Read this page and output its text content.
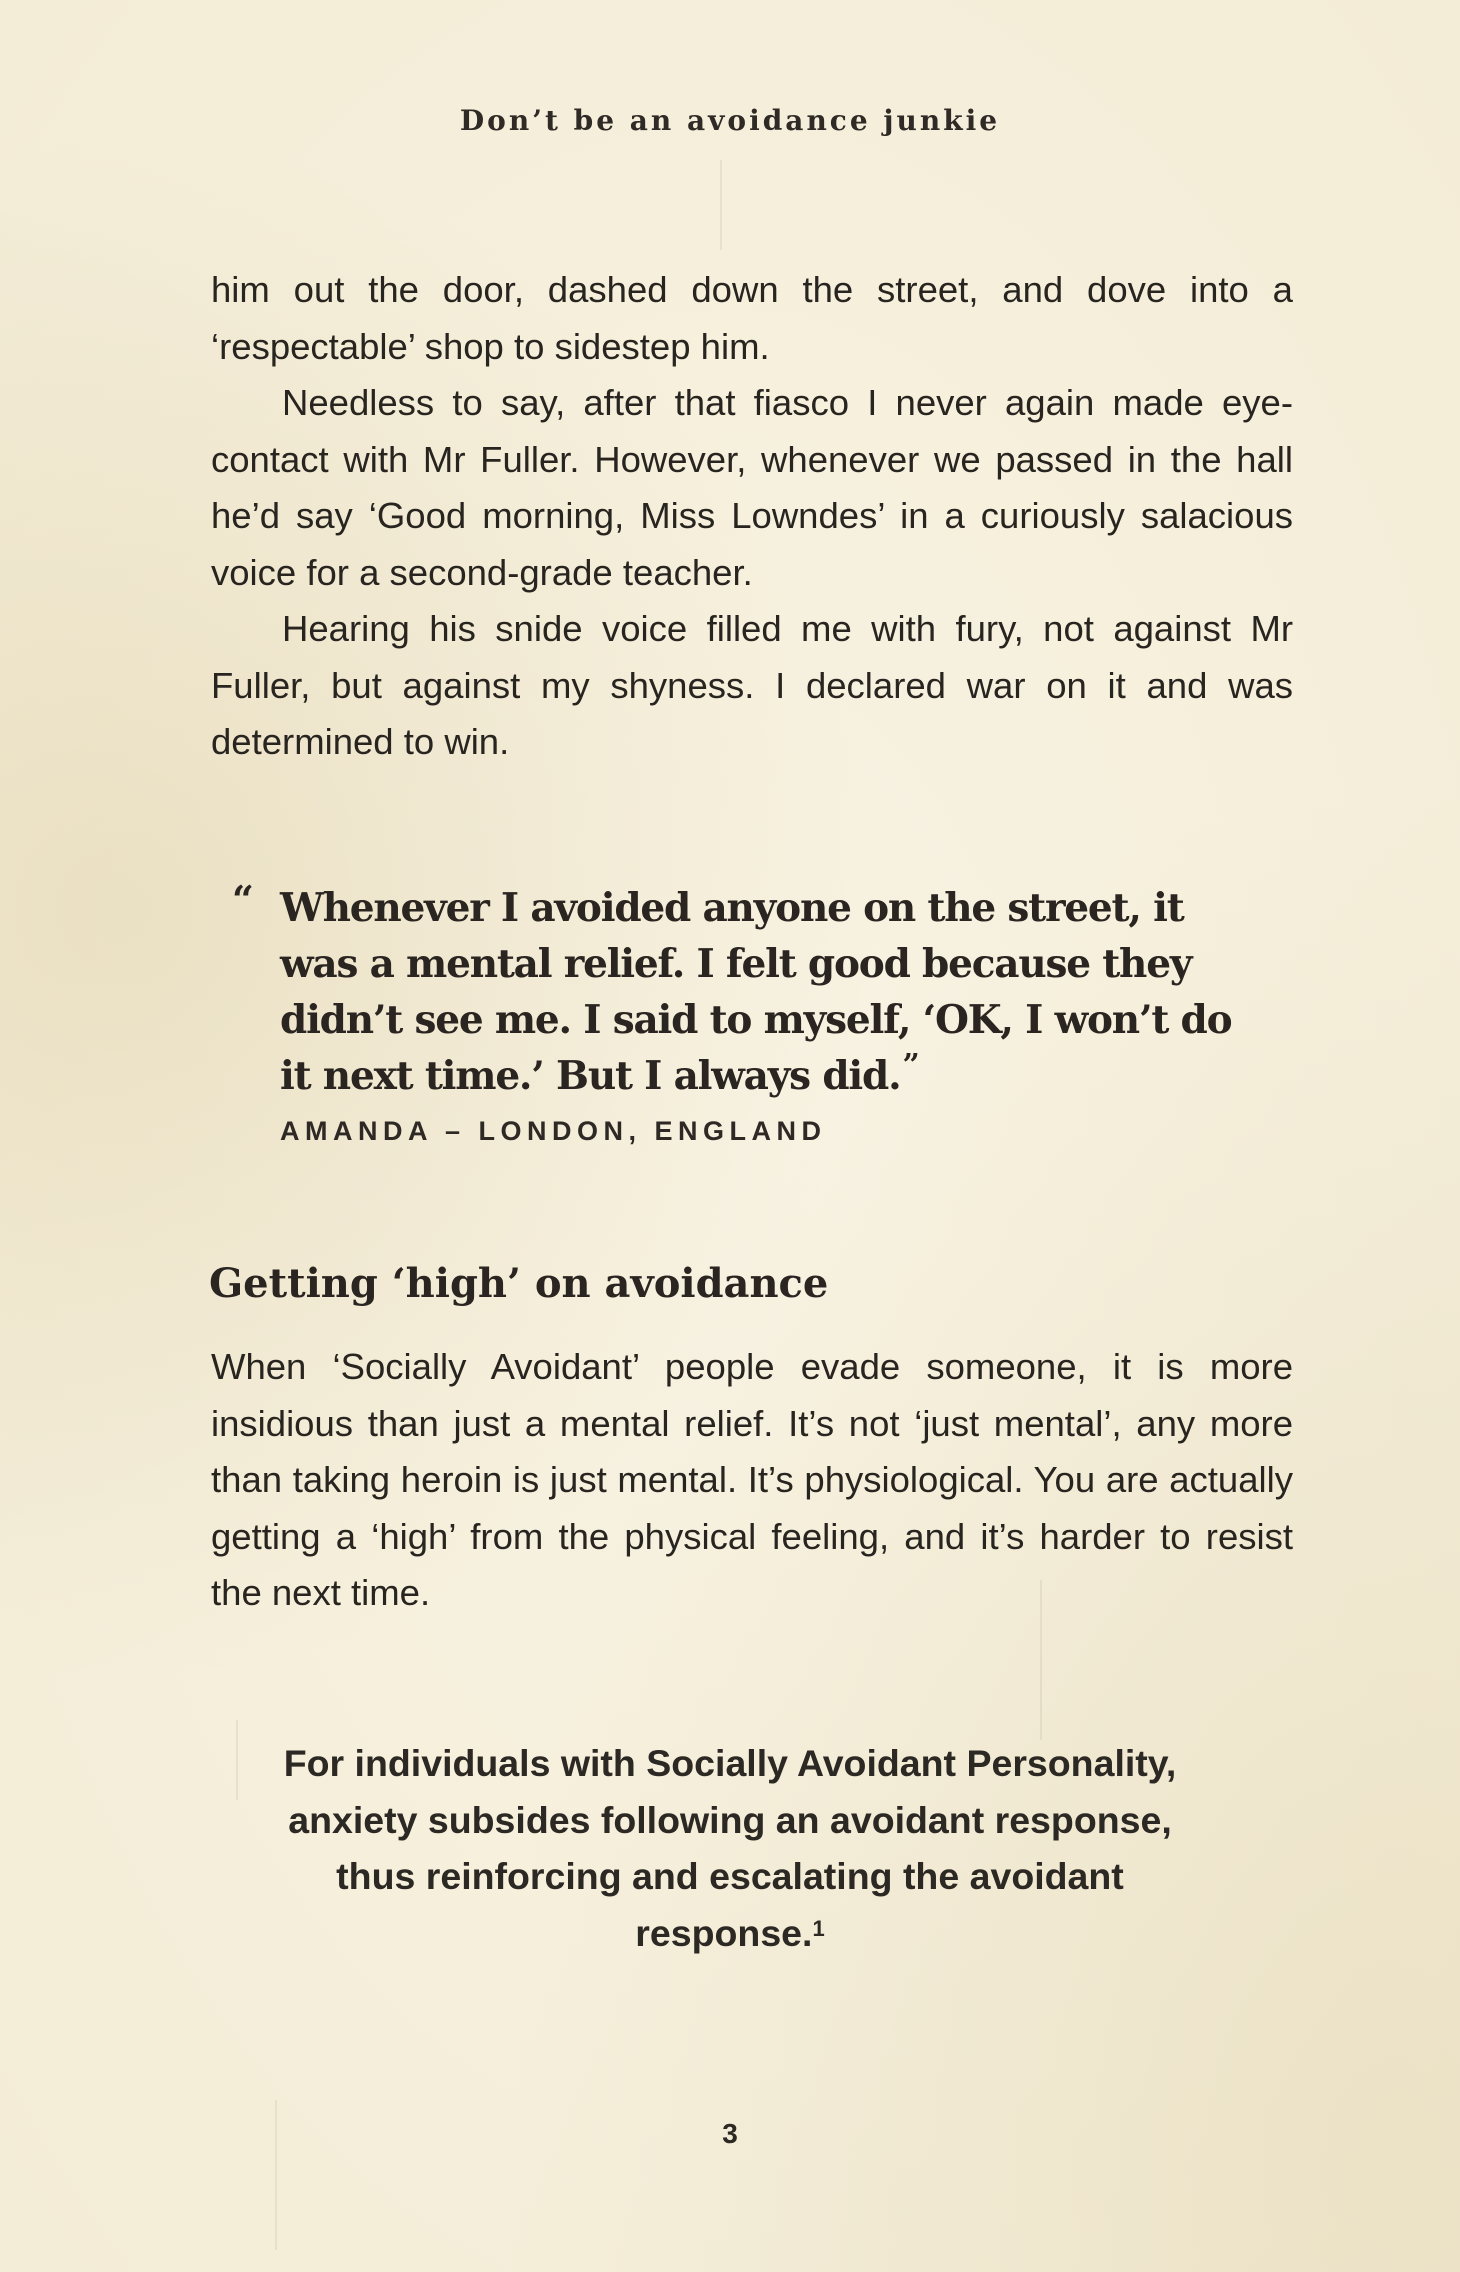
Don’t be an avoidance junkie

him out the door, dashed down the street, and dove into a ‘respectable’ shop to sidestep him.

Needless to say, after that fiasco I never again made eye-contact with Mr Fuller. However, whenever we passed in the hall he’d say ‘Good morning, Miss Lowndes’ in a curiously salacious voice for a second-grade teacher.

Hearing his snide voice filled me with fury, not against Mr Fuller, but against my shyness. I declared war on it and was determined to win.

“ Whenever I avoided anyone on the street, it was a mental relief. I felt good because they didn’t see me. I said to myself, ‘OK, I won’t do it next time.’ But I always did.”
AMANDA – LONDON, ENGLAND
Getting ‘high’ on avoidance

When ‘Socially Avoidant’ people evade someone, it is more insidious than just a mental relief. It’s not ‘just mental’, any more than taking heroin is just mental. It’s physiological. You are actually getting a ‘high’ from the physical feeling, and it’s harder to resist the next time.

For individuals with Socially Avoidant Personality, anxiety subsides following an avoidant response, thus reinforcing and escalating the avoidant response.$^1$
3
